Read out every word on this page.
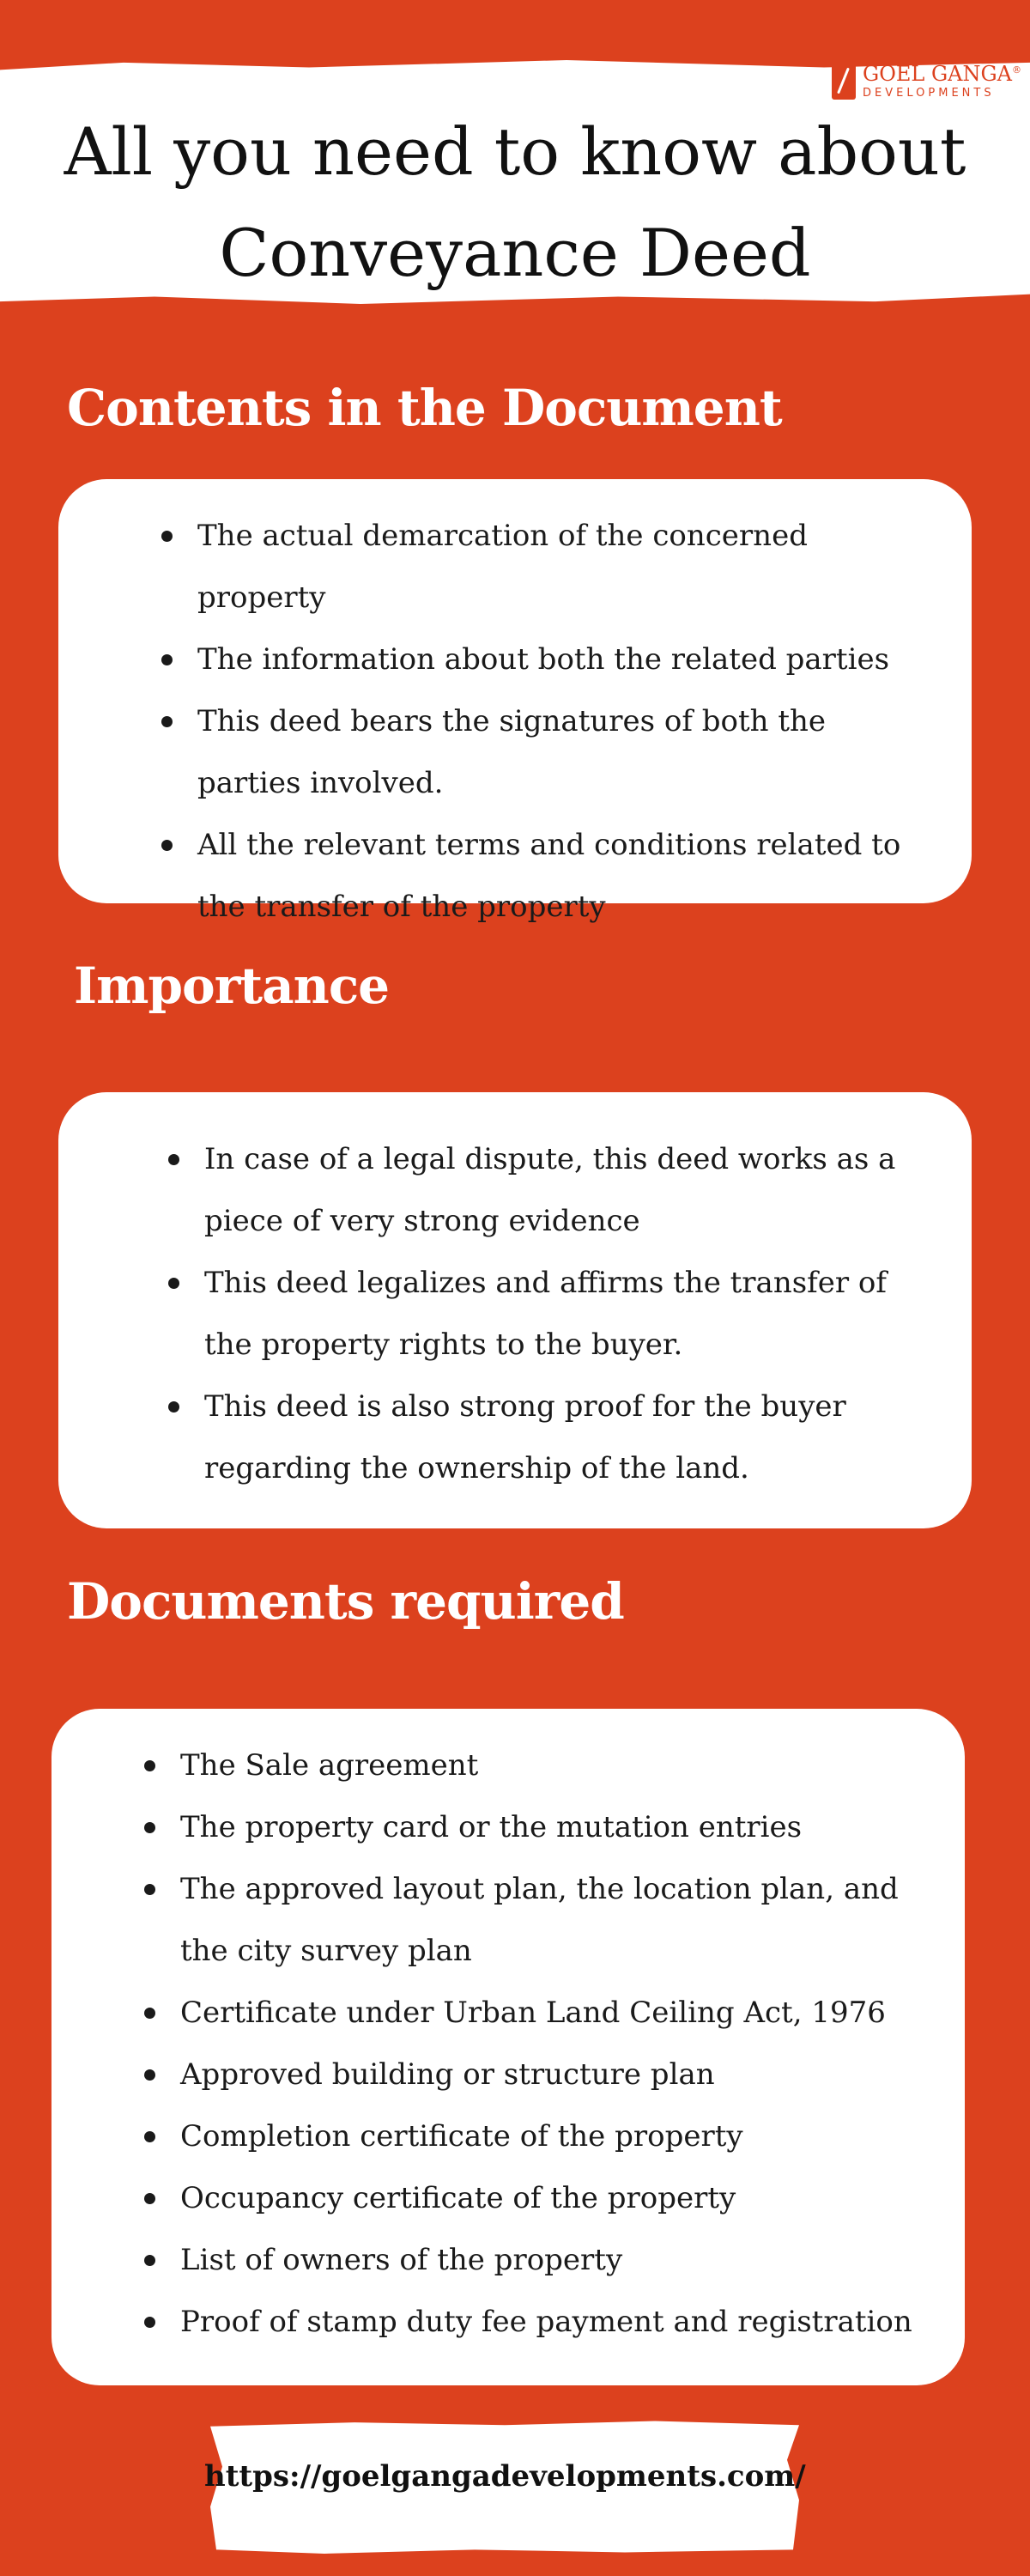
GOEL GANGA®
DEVELOPMENTS
All you need to know about
Conveyance Deed
Contents in the Document
The actual demarcation of the concerned property
The information about both the related parties
This deed bears the signatures of both the parties involved.
All the relevant terms and conditions related to the transfer of the property
Importance
In case of a legal dispute, this deed works as a piece of very strong evidence
This deed legalizes and affirms the transfer of the property rights to the buyer.
This deed is also strong proof for the buyer regarding the ownership of the land.
Documents required
The Sale agreement
The property card or the mutation entries
The approved layout plan, the location plan, and the city survey plan
Certificate under Urban Land Ceiling Act, 1976
Approved building or structure plan
Completion certificate of the property
Occupancy certificate of the property
List of owners of the property
Proof of stamp duty fee payment and registration
https://goelgangadevelopments.com/
